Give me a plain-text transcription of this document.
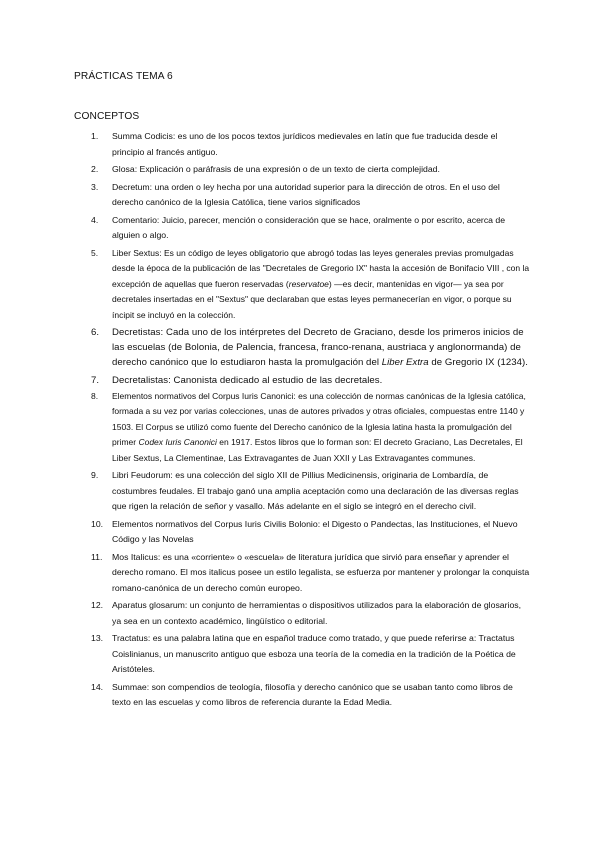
PRÁCTICAS TEMA 6
CONCEPTOS
1.	Summa Codicis: es uno de los pocos textos jurídicos medievales en latín que fue traducida desde el principio al francés antiguo.
2.	Glosa: Explicación o paráfrasis de una expresión o de un texto de cierta complejidad.
3.	Decretum: una orden o ley hecha por una autoridad superior para la dirección de otros. En el uso del derecho canónico de la Iglesia Católica, tiene varios significados
4.	Comentario: Juicio, parecer, mención o consideración que se hace, oralmente o por escrito, acerca de alguien o algo.
5.	Liber Sextus: Es un código de leyes obligatorio que abrogó todas las leyes generales previas promulgadas desde la época de la publicación de las "Decretales de Gregorio IX" hasta la accesión de Bonifacio VIII , con la excepción de aquellas que fueron reservadas (reservatoe) —es decir, mantenidas en vigor— ya sea por decretales insertadas en el "Sextus" que declaraban que estas leyes permanecerían en vigor, o porque su íncipit se incluyó en la colección.
6.	Decretistas: Cada uno de los intérpretes del Decreto de Graciano, desde los primeros inicios de las escuelas (de Bolonia, de Palencia, francesa, franco-renana, austriaca y anglonormanda) de derecho canónico que lo estudiaron hasta la promulgación del Liber Extra de Gregorio IX (1234).
7.	Decretalistas: Canonista dedicado al estudio de las decretales.
8.	Elementos normativos del Corpus Iuris Canonici: es una colección de normas canónicas de la Iglesia católica, formada a su vez por varias colecciones, unas de autores privados y otras oficiales, compuestas entre 1140 y 1503. El Corpus se utilizó como fuente del Derecho canónico de la Iglesia latina hasta la promulgación del primer Codex Iuris Canonici en 1917. Estos libros que lo forman son: El decreto Graciano, Las Decretales, El Liber Sextus, La Clementinae, Las Extravagantes de Juan XXII y Las Extravagantes communes.
9.	Libri Feudorum: es una colección del siglo XII de Pillius Medicinensis, originaria de Lombardía, de costumbres feudales. El trabajo ganó una amplia aceptación como una declaración de las diversas reglas que rigen la relación de señor y vasallo. Más adelante en el siglo se integró en el derecho civil.
10.	Elementos normativos del Corpus Iuris Civilis Bolonio: el Digesto o Pandectas, las Instituciones, el Nuevo Código y las Novelas
11.	Mos Italicus: es una «corriente» o «escuela» de literatura jurídica que sirvió para enseñar y aprender el derecho romano. El mos italicus posee un estilo legalista, se esfuerza por mantener y prolongar la conquista romano-canónica de un derecho común europeo.
12.	Aparatus glosarum: un conjunto de herramientas o dispositivos utilizados para la elaboración de glosarios, ya sea en un contexto académico, lingüístico o editorial.
13.	Tractatus: es una palabra latina que en español traduce como tratado, y que puede referirse a: Tractatus Coislinianus, un manuscrito antiguo que esboza una teoría de la comedia en la tradición de la Poética de Aristóteles.
14.	Summae: son compendios de teología, filosofía y derecho canónico que se usaban tanto como libros de texto en las escuelas y como libros de referencia durante la Edad Media.
